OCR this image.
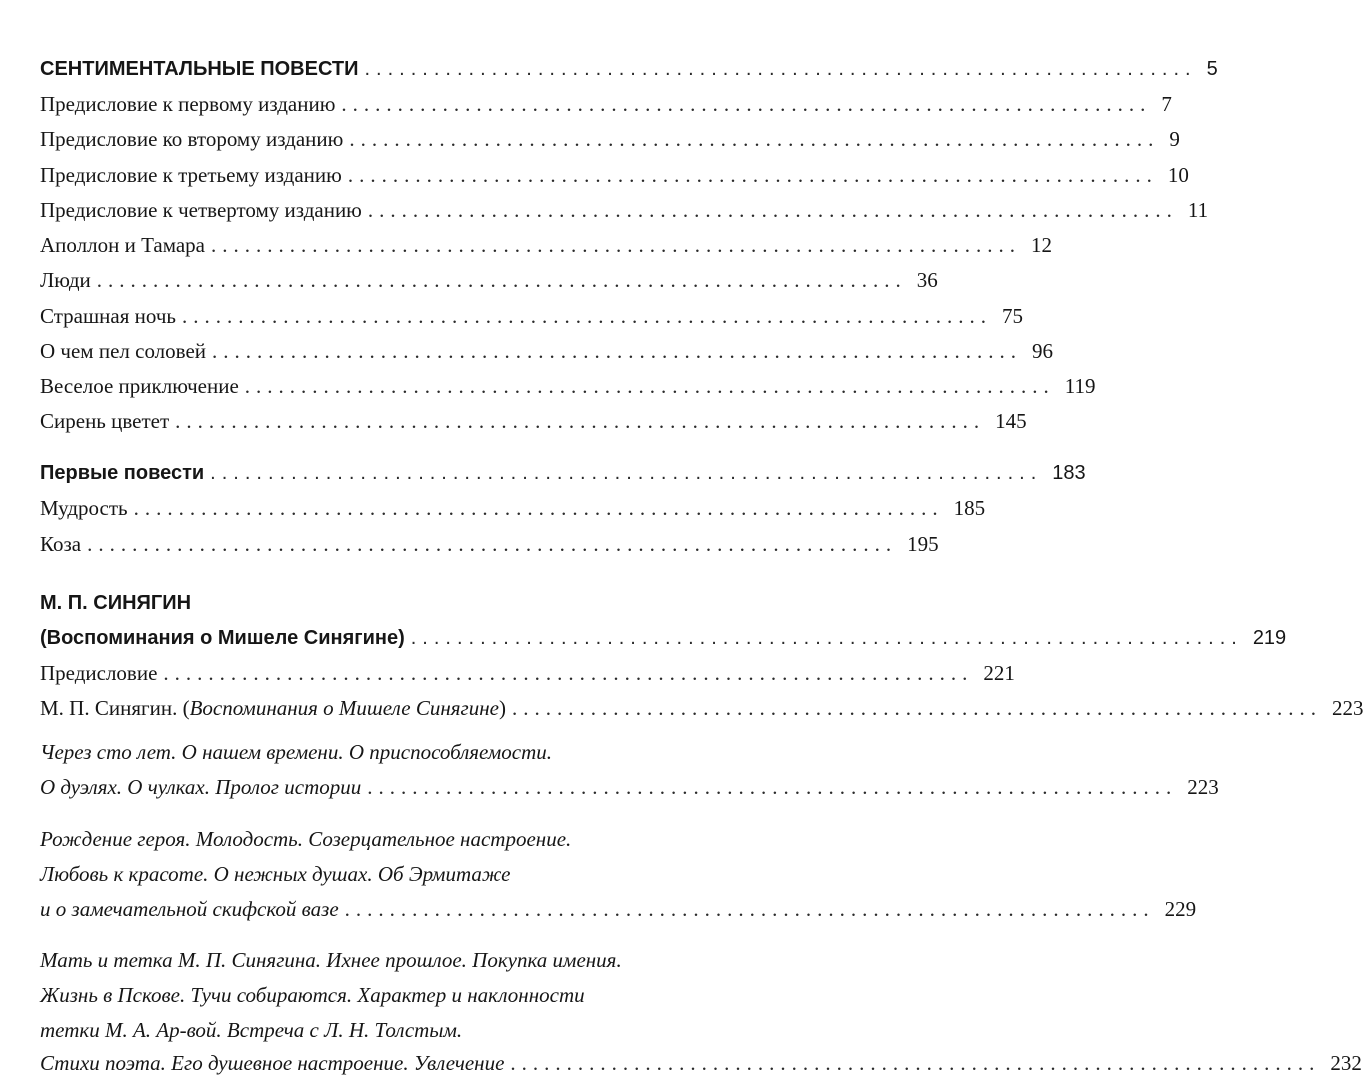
СЕНТИМЕНТАЛЬНЫЕ ПОВЕСТИ ........................................................................ 5
Предисловие к первому изданию ........................................................................ 7
Предисловие ко второму изданию ........................................................................ 9
Предисловие к третьему изданию ........................................................................ 10
Предисловие к четвертому изданию ........................................................................ 11
Аполлон и Тамара ........................................................................ 12
Люди ........................................................................ 36
Страшная ночь ........................................................................ 75
О чем пел соловей ........................................................................ 96
Веселое приключение ........................................................................ 119
Сирень цветет ........................................................................ 145
Первые повести ........................................................................ 183
Мудрость ........................................................................ 185
Коза ........................................................................ 195
М. П. СИНЯГИН
(Воспоминания о Мишеле Синягине) ........................................................................ 219
Предисловие ........................................................................ 221
М. П. Синягин. (Воспоминания о Мишеле Синягине) ........................................................................ 223
Через сто лет. О нашем времени. О приспособляемости.
О дуэлях. О чулках. Пролог истории ........................................................................ 223
Рождение героя. Молодость. Созерцательное настроение.
Любовь к красоте. О нежных душах. Об Эрмитаже
и о замечательной скифской вазе ........................................................................ 229
Мать и тетка М. П. Синягина. Ихнее прошлое. Покупка имения.
Жизнь в Пскове. Тучи собираются. Характер и наклонности
тетки М. А. Ар-вой. Встреча с Л. Н. Толстым.
Стихи поэта. Его душевное настроение. Увлечение ........................................................................ 232
